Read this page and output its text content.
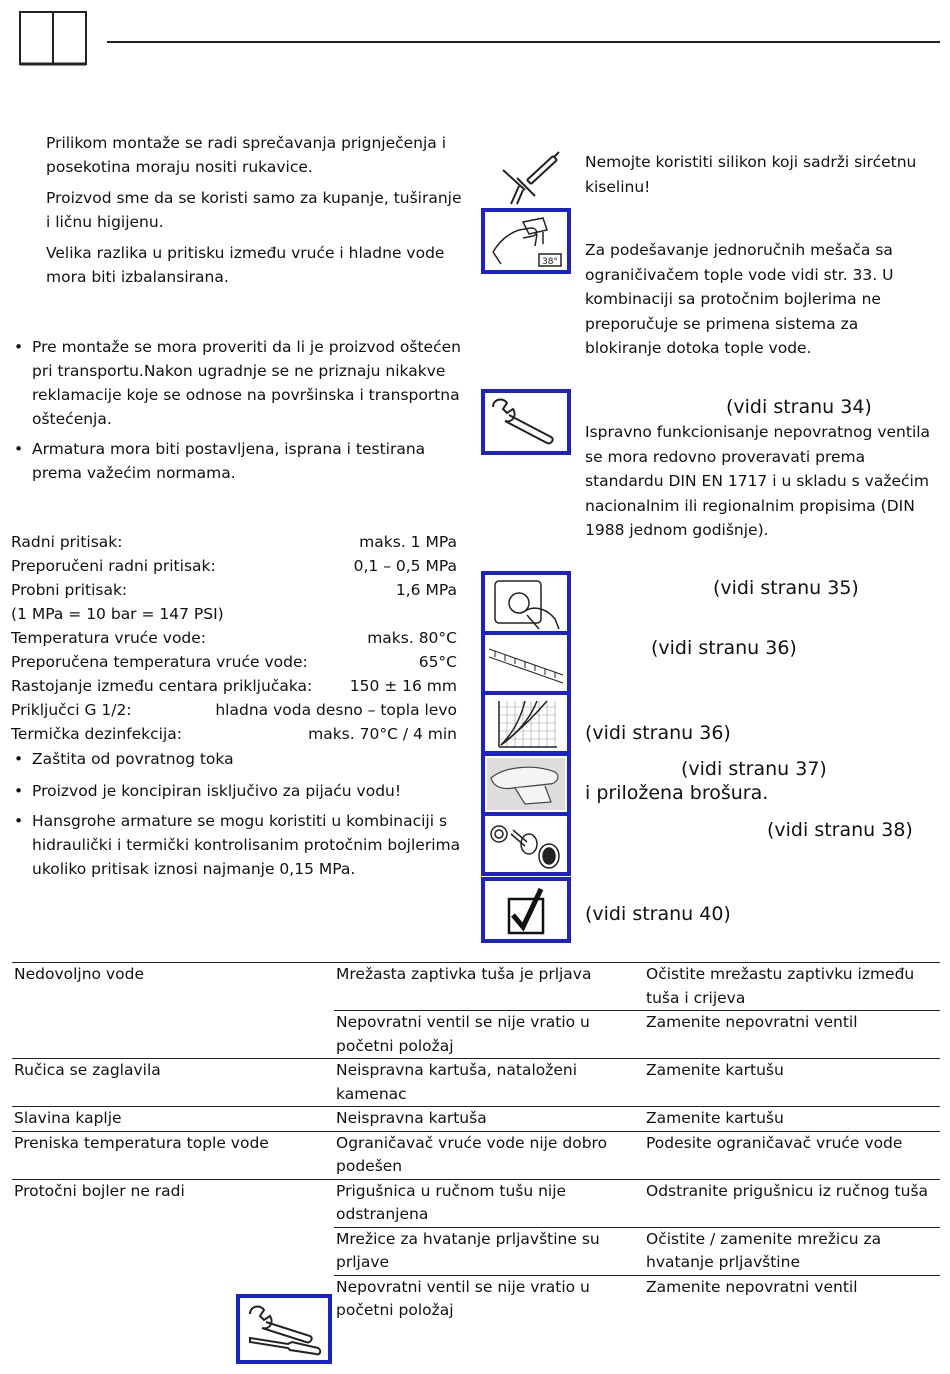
Prilikom montaže se radi sprečavanja prignječenja i posekotina moraju nositi rukavice.
Proizvod sme da se koristi samo za kupanje, tuširanje i ličnu higijenu.
Velika razlika u pritisku između vruće i hladne vode mora biti izbalansirana.
• Pre montaže se mora proveriti da li je proizvod oštećen pri transportu.Nakon ugradnje se ne priznaju nikakve reklamacije koje se odnose na površinska i transportna oštećenja.
• Armatura mora biti postavljena, isprana i testirana prema važećim normama.
Radni pritisak:	maks. 1 MPa
Preporučeni radni pritisak:	0,1 – 0,5 MPa
Probni pritisak:	1,6 MPa
(1 MPa = 10 bar = 147 PSI)
Temperatura vruće vode:	maks. 80°C
Preporučena temperatura vruće vode:	65°C
Rastojanje između centara priključaka: 150 ± 16 mm
Priključci G 1/2:	hladna voda desno – topla levo
Termička dezinfekcija:	maks. 70°C / 4 min
• Zaštita od povratnog toka
• Proizvod je koncipiran isključivo za pijaću vodu!
• Hansgrohe armature se mogu koristiti u kombinaciji s hidraulički i termički kontrolisanim protočnim bojlerima ukoliko pritisak iznosi najmanje 0,15 MPa.
Nemojte koristiti silikon koji sadrži sirćetnu kiselinu!
38°
Za podešavanje jednoručnih mešača sa ograničivačem tople vode vidi str. 33. U kombinaciji sa protočnim bojlerima ne preporučuje se primena sistema za blokiranje dotoka tople vode.
(vidi stranu 34)
Ispravno funkcionisanje nepovratnog ventila se mora redovno proveravati prema standardu DIN EN 1717 i u skladu s važećim nacionalnim ili regionalnim propisima (DIN 1988 jednom godišnje).
(vidi stranu 35)
(vidi stranu 36)
(vidi stranu 36)
(vidi stranu 37)
i priložena brošura.
(vidi stranu 38)
(vidi stranu 40)
Nedovoljno vode	Mrežasta zaptivka tuša je prljava	Očistite mrežastu zaptivku između tuša i crijeva
	Nepovratni ventil se nije vratio u početni položaj	Zamenite nepovratni ventil
Ručica se zaglavila	Neispravna kartuša, nataloženi kamenac	Zamenite kartušu
Slavina kaplje	Neispravna kartuša	Zamenite kartušu
Preniska temperatura tople vode	Ograničavač vruće vode nije dobro podešen	Podesite ograničavač vruće vode
Protočni bojler ne radi	Prigušnica u ručnom tušu nije odstranjena	Odstranite prigušnicu iz ručnog tuša
	Mrežice za hvatanje prljavštine su prljave	Očistite / zamenite mrežicu za hvatanje prljavštine
	Nepovratni ventil se nije vratio u početni položaj	Zamenite nepovratni ventil
